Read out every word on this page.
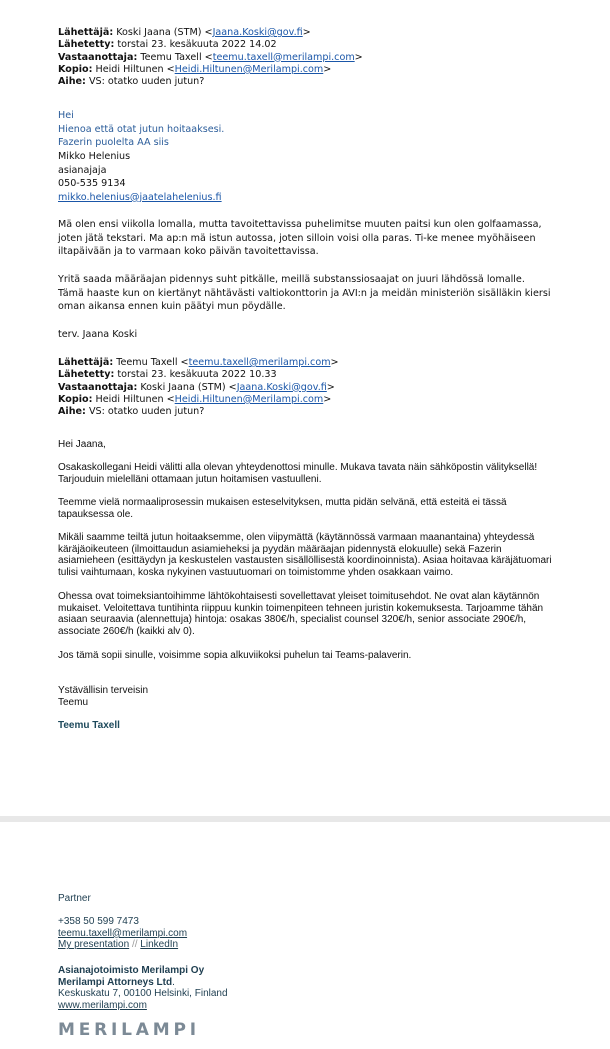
Lähettäjä: Koski Jaana (STM) <Jaana.Koski@gov.fi>
Lähetetty: torstai 23. kesäkuuta 2022 14.02
Vastaanottaja: Teemu Taxell <teemu.taxell@merilampi.com>
Kopio: Heidi Hiltunen <Heidi.Hiltunen@Merilampi.com>
Aihe: VS: otatko uuden jutun?
Hei
Hienoa että otat jutun hoitaaksesi.
Fazerin puolelta AA siis
Mikko Helenius
asianajaja
050-535 9134
mikko.helenius@jaatelahelenius.fi
Mä olen ensi viikolla lomalla, mutta tavoitettavissa puhelimitse muuten paitsi kun olen golfaamassa, joten jätä tekstari. Ma ap:n mä istun autossa, joten silloin voisi olla paras. Ti-ke menee myöhäiseen iltapäivään ja to varmaan koko päivän tavoitettavissa.
Yritä saada määräajan pidennys suht pitkälle, meillä substanssiosaajat on juuri lähdössä lomalle. Tämä haaste kun on kiertänyt nähtävästi valtiokonttorin ja AVI:n ja meidän ministeriön sisälläkin kiersi oman aikansa ennen kuin päätyi mun pöydälle.
terv. Jaana Koski
Lähettäjä: Teemu Taxell <teemu.taxell@merilampi.com>
Lähetetty: torstai 23. kesäkuuta 2022 10.33
Vastaanottaja: Koski Jaana (STM) <Jaana.Koski@gov.fi>
Kopio: Heidi Hiltunen <Heidi.Hiltunen@Merilampi.com>
Aihe: VS: otatko uuden jutun?
Hei Jaana,
Osakaskollegani Heidi välitti alla olevan yhteydenottosi minulle. Mukava tavata näin sähköpostin välityksellä! Tarjouduin mielelläni ottamaan jutun hoitamisen vastuulleni.
Teemme vielä normaaliprosessin mukaisen esteselvityksen, mutta pidän selvänä, että esteitä ei tässä tapauksessa ole.
Mikäli saamme teiltä jutun hoitaaksemme, olen viipymättä (käytännössä varmaan maanantaina) yhteydessä käräjäoikeuteen (ilmoittaudun asiamieheksi ja pyydän määräajan pidennystä elokuulle) sekä Fazerin asiamieheen (esittäydyn ja keskustelen vastausten sisällöllisestä koordinoinnista). Asiaa hoitavaa käräjätuomari tulisi vaihtumaan, koska nykyinen vastuutuomari on toimistomme yhden osakkaan vaimo.
Ohessa ovat toimeksiantoihimme lähtökohtaisesti sovellettavat yleiset toimitusehdot. Ne ovat alan käytännön mukaiset. Veloitettava tuntihinta riippuu kunkin toimenpiteen tehneen juristin kokemuksesta. Tarjoamme tähän asiaan seuraavia (alennettuja) hintoja: osakas 380€/h, specialist counsel 320€/h, senior associate 290€/h, associate 260€/h (kaikki alv 0).
Jos tämä sopii sinulle, voisimme sopia alkuviikoksi puhelun tai Teams-palaverin.
Ystävällisin terveisin
Teemu
Teemu Taxell
Partner
+358 50 599 7473
teemu.taxell@merilampi.com
My presentation // LinkedIn
Asianajotoimisto Merilampi Oy
Merilampi Attorneys Ltd.
Keskuskatu 7, 00100 Helsinki, Finland
www.merilampi.com
MERILAMPI
